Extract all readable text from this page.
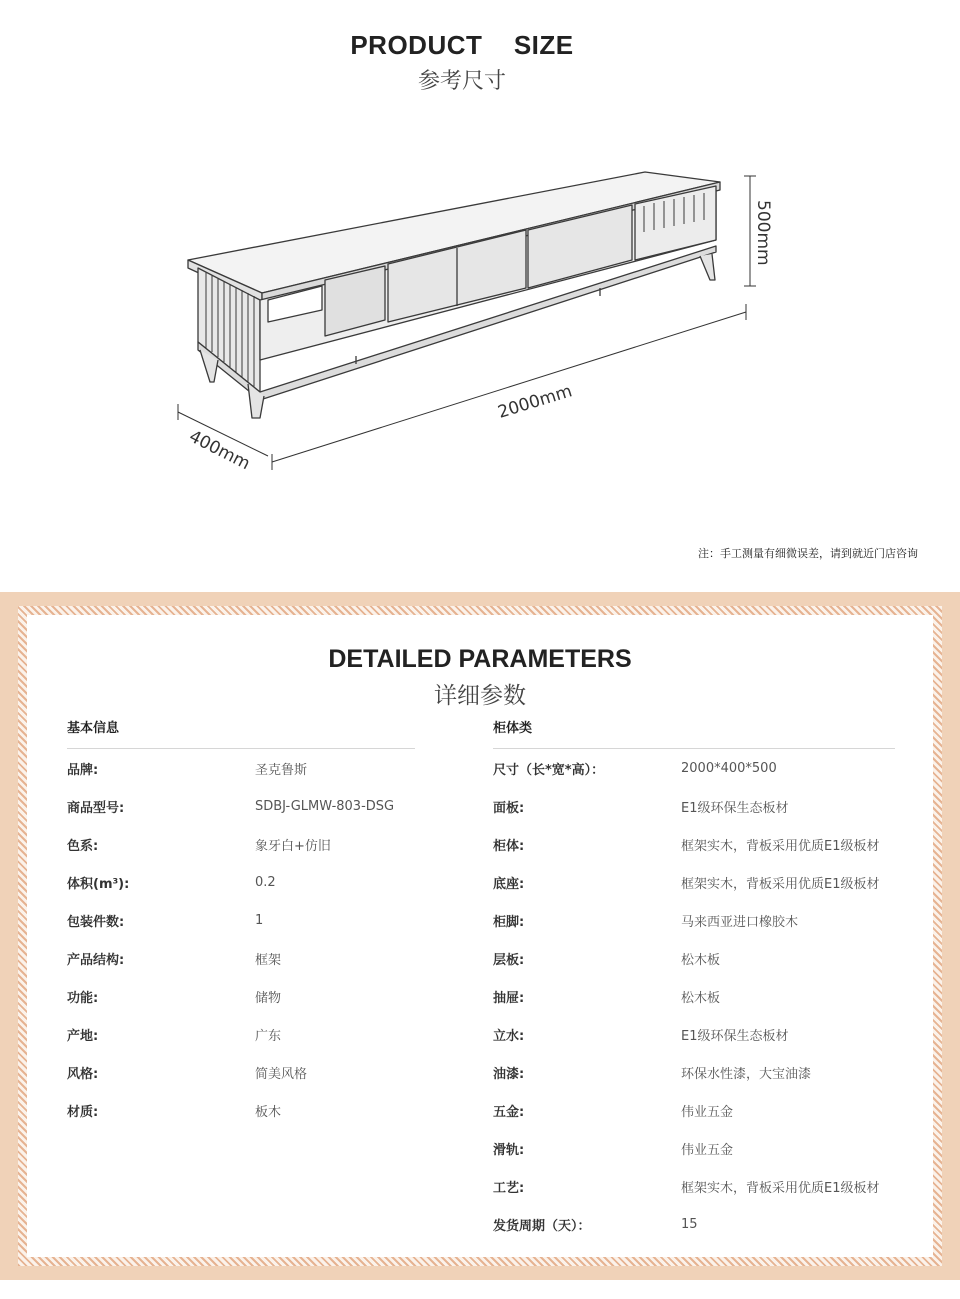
PRODUCT  SIZE
参考尺寸
500mm
2000mm
400mm
注：手工测量有细微误差，请到就近门店咨询
DETAILED PARAMETERS
详细参数
基本信息
品牌:	圣克鲁斯
商品型号:	SDBJ-GLMW-803-DSG
色系:	象牙白+仿旧
体积(m³):	0.2
包装件数:	1
产品结构:	框架
功能:	储物
产地:	广东
风格:	简美风格
材质:	板木
柜体类
尺寸（长*宽*高）：	2000*400*500
面板:	E1级环保生态板材
柜体:	框架实木，背板采用优质E1级板材
底座:	框架实木，背板采用优质E1级板材
柜脚:	马来西亚进口橡胶木
层板:	松木板
抽屉:	松木板
立水:	E1级环保生态板材
油漆:	环保水性漆，大宝油漆
五金:	伟业五金
滑轨:	伟业五金
工艺:	框架实木，背板采用优质E1级板材
发货周期（天）：	15
